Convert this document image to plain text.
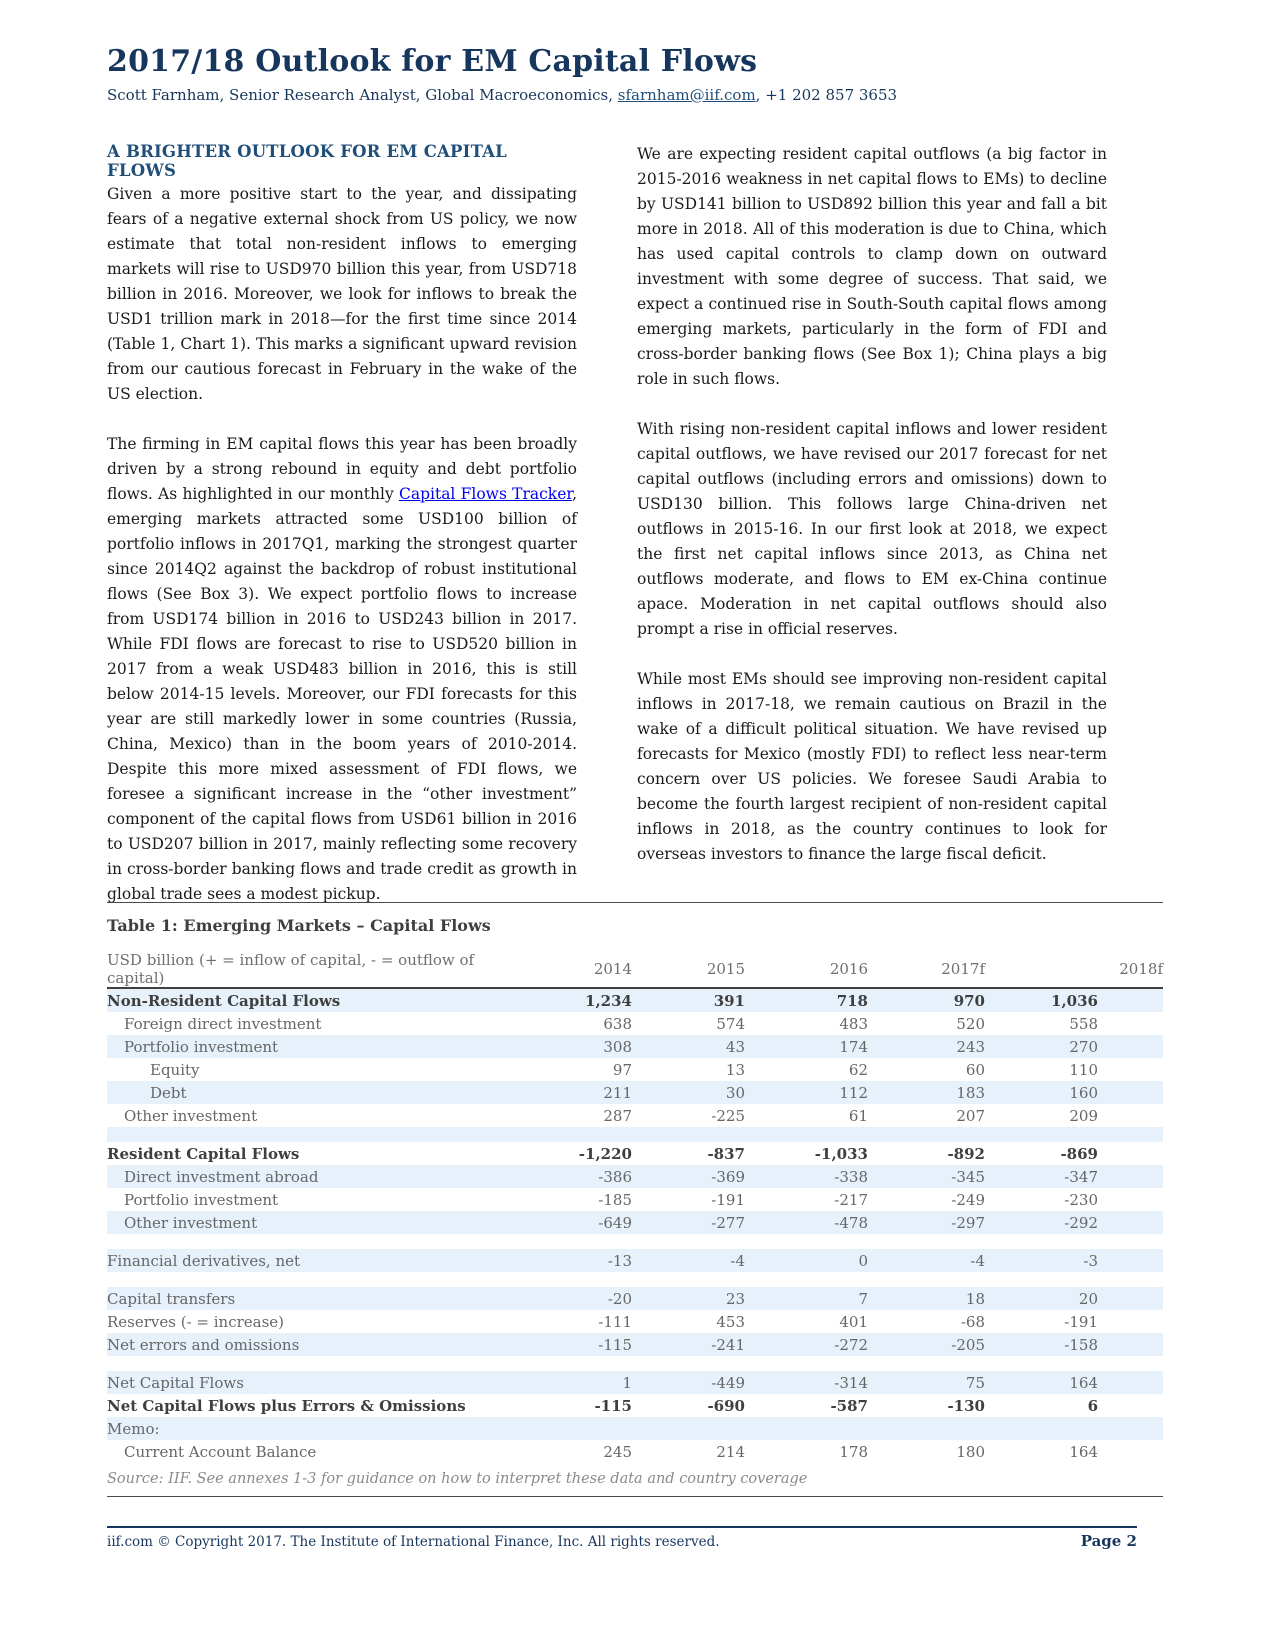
2017/18 Outlook for EM Capital Flows
Scott Farnham, Senior Research Analyst, Global Macroeconomics, sfarnham@iif.com, +1 202 857 3653
A BRIGHTER OUTLOOK FOR EM CAPITAL FLOWS

Given a more positive start to the year, and dissipating fears of a negative external shock from US policy, we now estimate that total non-resident inflows to emerging markets will rise to USD970 billion this year, from USD718 billion in 2016. Moreover, we look for inflows to break the USD1 trillion mark in 2018—for the first time since 2014 (Table 1, Chart 1). This marks a significant upward revision from our cautious forecast in February in the wake of the US election.

The firming in EM capital flows this year has been broadly driven by a strong rebound in equity and debt portfolio flows. As highlighted in our monthly Capital Flows Tracker, emerging markets attracted some USD100 billion of portfolio inflows in 2017Q1, marking the strongest quarter since 2014Q2 against the backdrop of robust institutional flows (See Box 3). We expect portfolio flows to increase from USD174 billion in 2016 to USD243 billion in 2017. While FDI flows are forecast to rise to USD520 billion in 2017 from a weak USD483 billion in 2016, this is still below 2014-15 levels. Moreover, our FDI forecasts for this year are still markedly lower in some countries (Russia, China, Mexico) than in the boom years of 2010-2014. Despite this more mixed assessment of FDI flows, we foresee a significant increase in the “other investment” component of the capital flows from USD61 billion in 2016 to USD207 billion in 2017, mainly reflecting some recovery in cross-border banking flows and trade credit as growth in global trade sees a modest pickup.

We are expecting resident capital outflows (a big factor in 2015-2016 weakness in net capital flows to EMs) to decline by USD141 billion to USD892 billion this year and fall a bit more in 2018. All of this moderation is due to China, which has used capital controls to clamp down on outward investment with some degree of success. That said, we expect a continued rise in South-South capital flows among emerging markets, particularly in the form of FDI and cross-border banking flows (See Box 1); China plays a big role in such flows.

With rising non-resident capital inflows and lower resident capital outflows, we have revised our 2017 forecast for net capital outflows (including errors and omissions) down to USD130 billion. This follows large China-driven net outflows in 2015-16. In our first look at 2018, we expect the first net capital inflows since 2013, as China net outflows moderate, and flows to EM ex-China continue apace. Moderation in net capital outflows should also prompt a rise in official reserves.

While most EMs should see improving non-resident capital inflows in 2017-18, we remain cautious on Brazil in the wake of a difficult political situation. We have revised up forecasts for Mexico (mostly FDI) to reflect less near-term concern over US policies. We foresee Saudi Arabia to become the fourth largest recipient of non-resident capital inflows in 2018, as the country continues to look for overseas investors to finance the large fiscal deficit.

Table 1: Emerging Markets – Capital Flows
USD billion (+ = inflow of capital, - = outflow of capital)	2014	2015	2016	2017f	2018f
Non-Resident Capital Flows	1,234	391	718	970	1,036
Foreign direct investment	638	574	483	520	558
Portfolio investment	308	43	174	243	270
Equity	97	13	62	60	110
Debt	211	30	112	183	160
Other investment	287	-225	61	207	209

Resident Capital Flows	-1,220	-837	-1,033	-892	-869
Direct investment abroad	-386	-369	-338	-345	-347
Portfolio investment	-185	-191	-217	-249	-230
Other investment	-649	-277	-478	-297	-292

Financial derivatives, net	-13	-4	0	-4	-3

Capital transfers	-20	23	7	18	20
Reserves (- = increase)	-111	453	401	-68	-191
Net errors and omissions	-115	-241	-272	-205	-158

Net Capital Flows	1	-449	-314	75	164
Net Capital Flows plus Errors & Omissions	-115	-690	-587	-130	6
Memo:					
Current Account Balance	245	214	178	180	164
Source: IIF. See annexes 1-3 for guidance on how to interpret these data and country coverage
iif.com © Copyright 2017. The Institute of International Finance, Inc. All rights reserved.	Page 2
